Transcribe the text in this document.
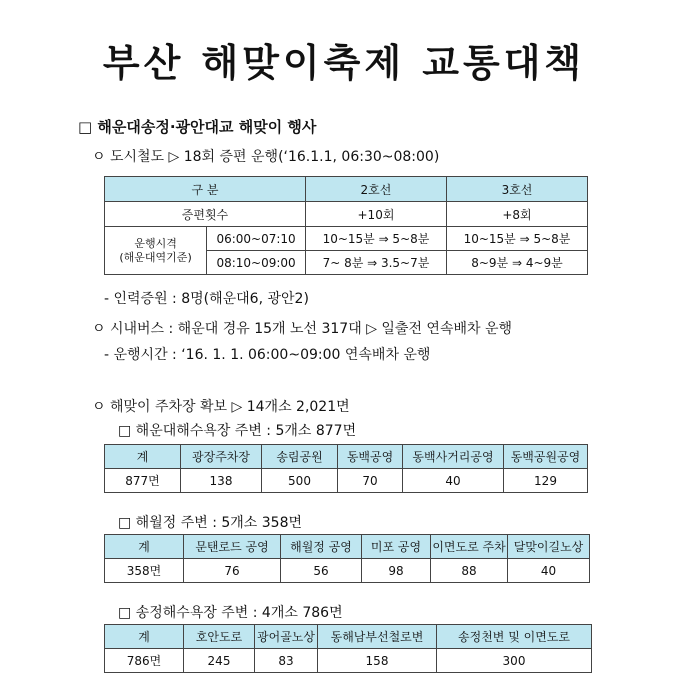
부산 해맞이축제 교통대책
□ 해운대송정·광안대교 해맞이 행사
ㅇ 도시철도 ▷ 18회 증편 운행(‘16.1.1, 06:30~08:00)
구 분		2호선	3호선
증편횟수		+10회	+8회

운행시격
(해운대역기준)	06:00~07:10	10~15분 ⇒ 5~8분	10~15분 ⇒ 5~8분
	08:10~09:00	7~ 8분 ⇒ 3.5~7분	8~9분 ⇒ 4~9분
- 인력증원 : 8명(해운대6, 광안2)
ㅇ 시내버스 : 해운대 경유 15개 노선 317대 ▷ 일출전 연속배차 운행
- 운행시간 : ‘16. 1. 1. 06:00~09:00 연속배차 운행
ㅇ 해맞이 주차장 확보 ▷ 14개소 2,021면
□ 해운대해수욕장 주변 : 5개소 877면
계	광장주차장	송림공원	동백공영	동백사거리공영	동백공원공영
877면	138	500	70	40	129
□ 해월정 주변 : 5개소 358면
계	문탠로드 공영	해월정 공영	미포 공영	이면도로 주차	달맞이길노상
358면	76	56	98	88	40
□ 송정해수욕장 주변 : 4개소 786면
계	호안도로	광어골노상	동해남부선철로변	송정천변 및 이면도로
786면	245	83	158	300
